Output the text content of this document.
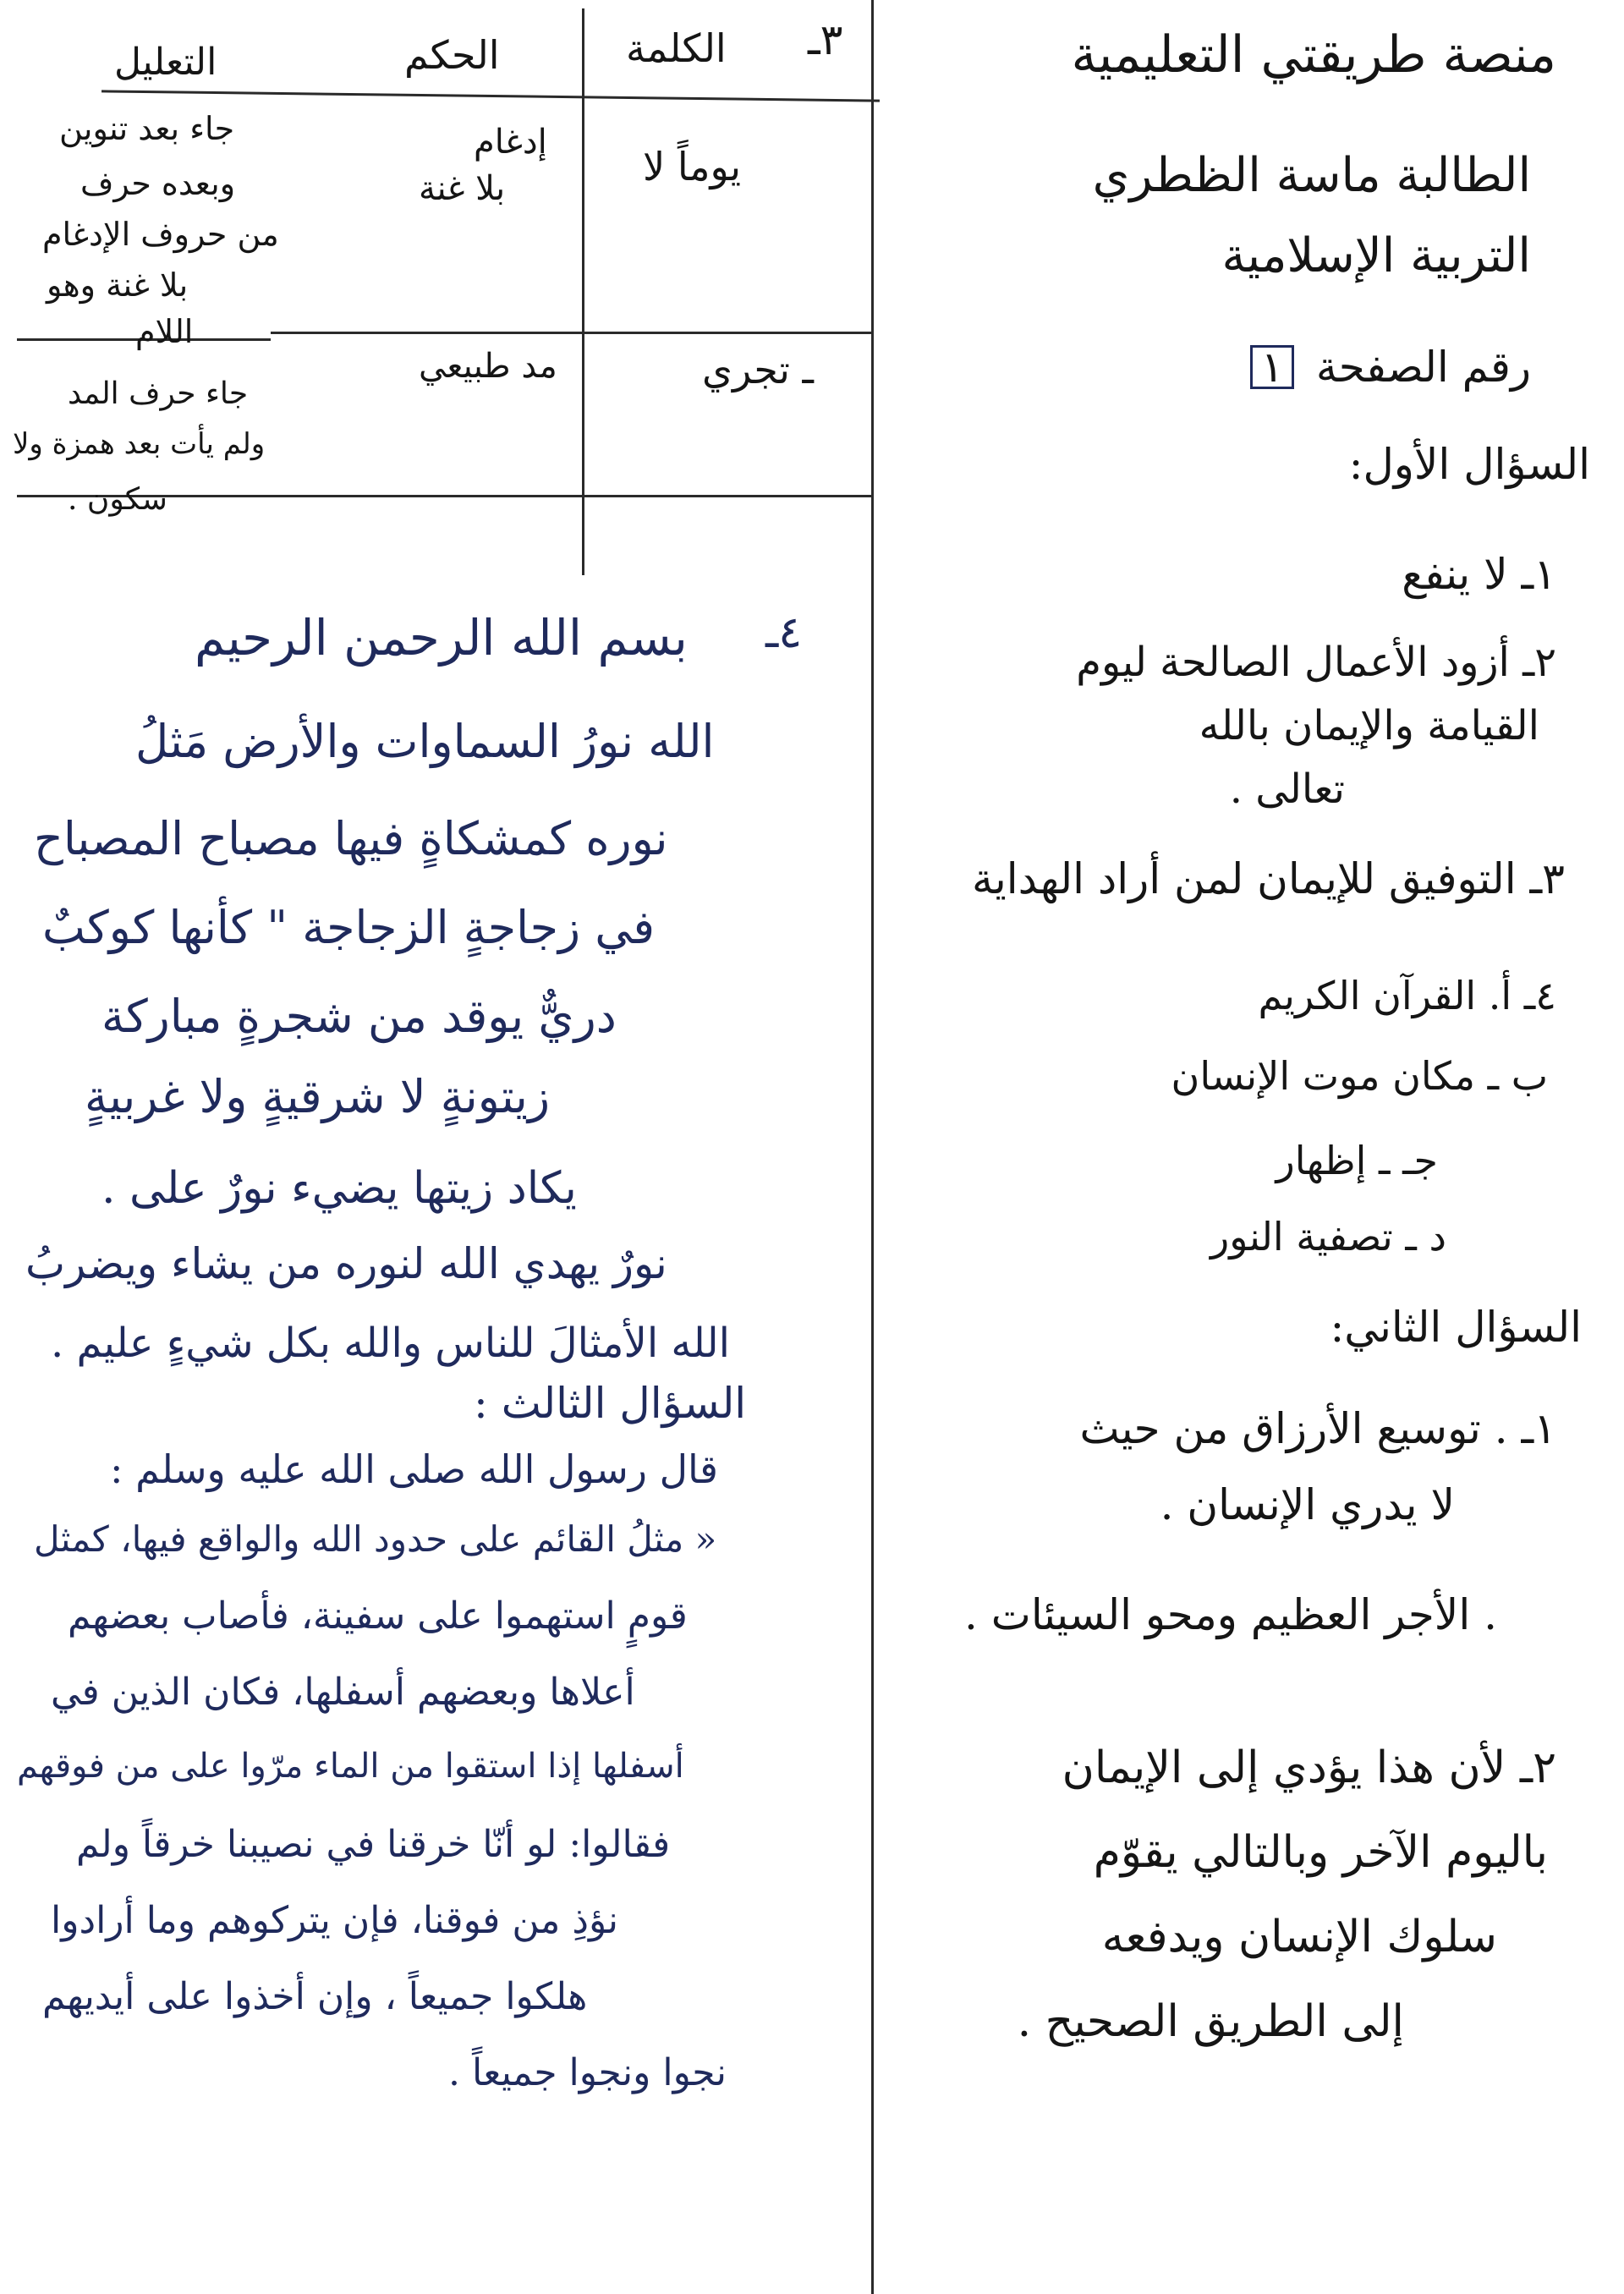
منصة طريقتي التعليمية
الطالبة ماسة الظطري
التربية الإسلامية
رقم الصفحة ١
السؤال الأول:
١ـ لا ينفع
٢ـ أزود الأعمال الصالحة ليوم
القيامة والإيمان بالله
تعالى .
٣ـ التوفيق للإيمان لمن أراد الهداية
٤ـ أ. القرآن الكريم
ب ـ مكان موت الإنسان
جـ ـ إظهار
د ـ تصفية النور
السؤال الثاني:
١ـ . توسيع الأرزاق من حيث
لا يدري الإنسان .
. الأجر العظيم ومحو السيئات .
٢ـ لأن هذا يؤدي إلى الإيمان
باليوم الآخر وبالتالي يقوّم
سلوك الإنسان ويدفعه
إلى الطريق الصحيح .
٣ـ
الكلمة
الحكم
التعليل
يوماً لا
إدغام
بلا غنة
جاء بعد تنوين
وبعده حرف
من حروف الإدغام
بلا غنة وهو
اللام
ـ تجري
مد طبيعي
جاء حرف المد
ولم يأت بعد همزة ولا
سكون .
٤ـ
بسم الله الرحمن الرحيم
الله نورُ السماوات والأرض مَثلُ
نوره كمشكاةٍ فيها مصباح المصباح
في زجاجةٍ الزجاجة " كأنها كوكبٌ
دريٌّ يوقد من شجرةٍ مباركة
زيتونةٍ لا شرقيةٍ ولا غربيةٍ
يكاد زيتها يضيء نورٌ على .
نورٌ يهدي الله لنوره من يشاء ويضربُ
الله الأمثالَ للناس والله بكل شيءٍ عليم .
السؤال الثالث :
قال رسول الله صلى الله عليه وسلم :
« مثلُ القائم على حدود الله والواقع فيها، كمثل
قومٍ استهموا على سفينة، فأصاب بعضهم
أعلاها وبعضهم أسفلها، فكان الذين في
أسفلها إذا استقوا من الماء مرّوا على من فوقهم
فقالوا: لو أنّا خرقنا في نصيبنا خرقاً ولم
نؤذِ من فوقنا، فإن يتركوهم وما أرادوا
هلكوا جميعاً ، وإن أخذوا على أيديهم
نجوا ونجوا جميعاً .
